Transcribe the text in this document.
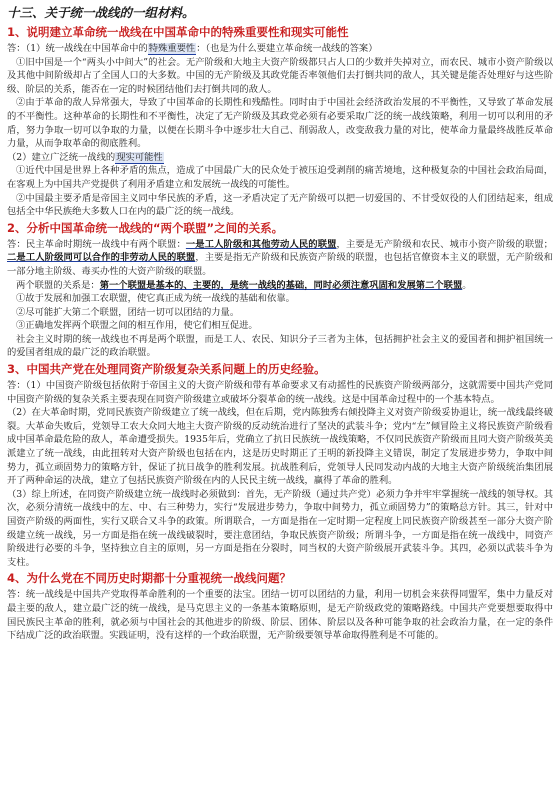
十三、关于统一战线的一组材料。
1、说明建立革命统一战线在中国革命中的特殊重要性和现实可能性

答：（1）统一战线在中国革命中的特殊重要性：（也是为什么要建立革命统一战线的答案）

①旧中国是一个“两头小中间大”的社会。无产阶级和大地主大资产阶级都只占人口的少数并失掉对立，而农民、城市小资产阶级以及其他中间阶级却占了全国人口的大多数。中国的无产阶级及其政党能否率领他们去打倒共同的敌人，其关键是能否处理好与这些阶级、阶层的关系，能否在一定的时候团结他们去打倒共同的敌人。

②由于革命的敌人异常强大，导致了中国革命的长期性和残酷性。同时由于中国社会经济政治发展的不平衡性，又导致了革命发展的不平衡性。这种革命的长期性和不平衡性，决定了无产阶级及其政党必须有必要采取广泛的统一战线策略，利用一切可以利用的矛盾，努力争取一切可以争取的力量，以便在长期斗争中逐步壮大自己、削弱敌人，改变敌我力量的对比，使革命力量最终战胜反革命力量，从而争取革命的彻底胜利。

（2）建立广泛统一战线的现实可能性

①近代中国是世界上各种矛盾的焦点，造成了中国最广大的民众处于被压迫受剥削的痛苦境地，这种极复杂的中国社会政治局面，在客观上为中国共产党提供了利用矛盾建立和发展统一战线的可能性。

②中国最主要矛盾是帝国主义同中华民族的矛盾，这一矛盾决定了无产阶级可以把一切爱国的、不甘受奴役的人们团结起来，组成包括全中华民族绝大多数人口在内的最广泛的统一战线。

2、分析中国革命统一战线的“两个联盟”之间的关系。

答：民主革命时期统一战线中有两个联盟：一是工人阶级和其他劳动人民的联盟，主要是无产阶级和农民、城市小资产阶级的联盟；二是工人阶级同可以合作的非劳动人民的联盟，主要是指无产阶级和民族资产阶级的联盟，也包括官僚资本主义的联盟，无产阶级和一部分地主阶级、毒买办性的大资产阶级的联盟。

两个联盟的关系是：第一个联盟是基本的、主要的，是统一战线的基础，同时必须注意巩固和发展第二个联盟。

①故于发展和加强工农联盟，使它真正成为统一战线的基础和依靠。

②尽可能扩大第二个联盟，团结一切可以团结的力量。

③正确地发挥两个联盟之间的相互作用，使它们相互促进。

社会主义时期的统一战线也不再是两个联盟，而是工人、农民、知识分子三者为主体，包括拥护社会主义的爱国者和拥护祖国统一的爱国者组成的最广泛的政治联盟。

3、中国共产党在处理同资产阶级复杂关系问题上的历史经验。

答：（1）中国资产阶级包括依附于帝国主义的大资产阶级和带有革命要求又有动摇性的民族资产阶级两部分，这就需要中国共产党同中国资产阶级的复杂关系主要表现在同资产阶级建立或破坏分裂革命的统一战线。这是中国革命过程中的一个基本特点。

（2）在大革命时期，党同民族资产阶级建立了统一战线，但在后期，党内陈独秀右倾投降主义对资产阶级妥协退让，统一战线最终破裂。大革命失败后，党领导工农大众同大地主大资产阶级的反动统治进行了坚决的武装斗争；党内“左”倾冒险主义将民族资产阶级看成中国革命最危险的敌人，革命遭受损失。1935年后，党确立了抗日民族统一战线策略，不仅同民族资产阶级而且同大资产阶级英美派建立了统一战线，由此扭转对大资产阶级也包括在内，这是历史时期正了王明的新投降主义错误，制定了发展进步势力，争取中间势力，孤立顽固势力的策略方针，保证了抗日战争的胜利发展。抗战胜利后，党领导人民同发动内战的大地主大资产阶级统治集团展开了两种命运的决战，建立了包括民族资产阶级在内的人民民主统一战线，赢得了革命的胜利。

（3）综上所述，在同资产阶级建立统一战线时必须做到：首先，无产阶级（通过共产党）必须力争并牢牢掌握统一战线的领导权。其次，必须分清统一战线中的左、中、右三种势力，实行“发展进步势力，争取中间势力，孤立顽固势力”的策略总方针。其三，针对中国资产阶级的两面性，实行又联合又斗争的政策。所谓联合，一方面是指在一定时期一定程度上同民族资产阶级甚至一部分大资产阶级建立统一战线，另一方面是指在统一战线破裂时，要注意团结，争取民族资产阶级；所谓斗争，一方面是指在统一战线中，同资产阶级进行必要的斗争，坚持独立自主的原则，另一方面是指在分裂时，同当权的大资产阶级展开武装斗争。其四，必须以武装斗争为支柱。

4、为什么党在不同历史时期都十分重视统一战线问题？

答：统一战线是中国共产党取得革命胜利的一个重要的法宝。团结一切可以团结的力量，利用一切机会来获得同盟军，集中力量反对最主要的敌人，建立最广泛的统一战线，是马克思主义的一条基本策略原则，是无产阶级政党的策略路线。中国共产党要想要取得中国民族民主革命的胜利，就必须与中国社会的其他进步的阶级、阶层、团体、阶层以及各种可能争取的社会政治力量，在一定的条件下结成广泛的政治联盟。实践证明，没有这样的一个政治联盟，无产阶级要领导革命取得胜利是不可能的。
